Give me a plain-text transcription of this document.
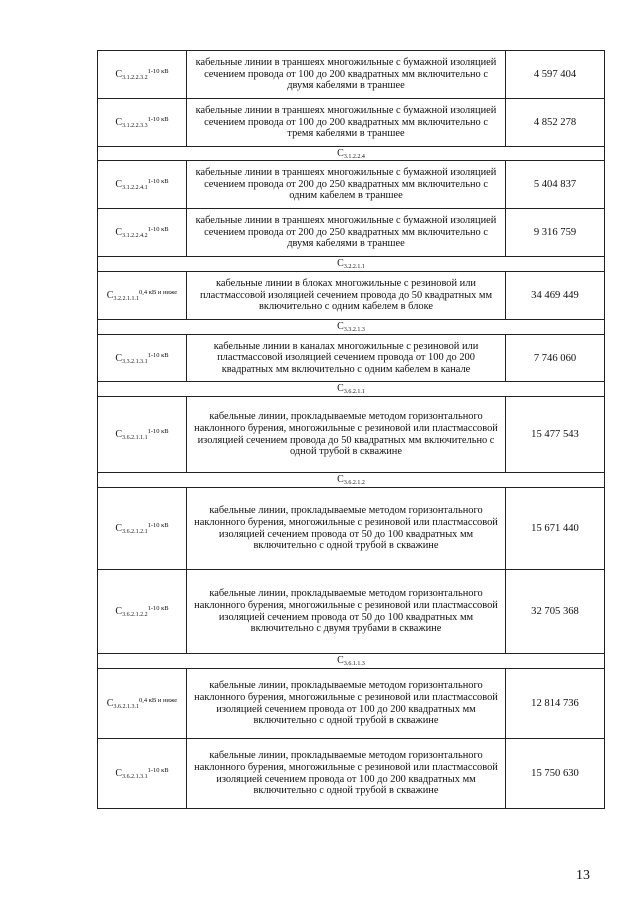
$C_{3.1.2.2.3.2}^{1-10 кВ}$	кабельные линии в траншеях многожильные с бумажной изоляцией сечением провода от 100 до 200 квадратных мм включительно с двумя кабелями в траншее	4 597 404
$C_{3.1.2.2.3.3}^{1-10 кВ}$	кабельные линии в траншеях многожильные с бумажной изоляцией сечением провода от 100 до 200 квадратных мм включительно с тремя кабелями в траншее	4 852 278
$C_{3.1.2.2.4}$
$C_{3.1.2.2.4.1}^{1-10 кВ}$	кабельные линии в траншеях многожильные с бумажной изоляцией сечением провода от 200 до 250 квадратных мм включительно с одним кабелем в траншее	5 404 837
$C_{3.1.2.2.4.2}^{1-10 кВ}$	кабельные линии в траншеях многожильные с бумажной изоляцией сечением провода от 200 до 250 квадратных мм включительно с двумя кабелями в траншее	9 316 759
$C_{3.2.2.1.1}$
$C_{3.2.2.1.1.1}^{0,4 кВ и ниже}$	кабельные линии в блоках многожильные с резиновой или пластмассовой изоляцией сечением провода до 50 квадратных мм включительно с одним кабелем в блоке	34 469 449
$C_{3.3.2.1.3}$
$C_{3.3.2.1.3.1}^{1-10 кВ}$	кабельные линии в каналах многожильные с резиновой или пластмассовой изоляцией сечением провода от 100 до 200 квадратных мм включительно с одним кабелем в канале	7 746 060
$C_{3.6.2.1.1}$
$C_{3.6.2.1.1.1}^{1-10 кВ}$	кабельные линии, прокладываемые методом горизонтального наклонного бурения, многожильные с резиновой или пластмассовой изоляцией сечением провода до 50 квадратных мм включительно с одной трубой в скважине	15 477 543
$C_{3.6.2.1.2}$
$C_{3.6.2.1.2.1}^{1-10 кВ}$	кабельные линии, прокладываемые методом горизонтального наклонного бурения, многожильные с резиновой или пластмассовой изоляцией сечением провода от 50 до 100 квадратных мм включительно с одной трубой в скважине	15 671 440
$C_{3.6.2.1.2.2}^{1-10 кВ}$	кабельные линии, прокладываемые методом горизонтального наклонного бурения, многожильные с резиновой или пластмассовой изоляцией сечением провода от 50 до 100 квадратных мм включительно с двумя трубами в скважине	32 705 368
$C_{3.6.1.1.3}$
$C_{3.6.2.1.3.1}^{0,4 кВ и ниже}$	кабельные линии, прокладываемые методом горизонтального наклонного бурения, многожильные с резиновой или пластмассовой изоляцией сечением провода от 100 до 200 квадратных мм включительно с одной трубой в скважине	12 814 736
$C_{3.6.2.1.3.1}^{1-10 кВ}$	кабельные линии, прокладываемые методом горизонтального наклонного бурения, многожильные с резиновой или пластмассовой изоляцией сечением провода от 100 до 200 квадратных мм включительно с одной трубой в скважине	15 750 630
13
